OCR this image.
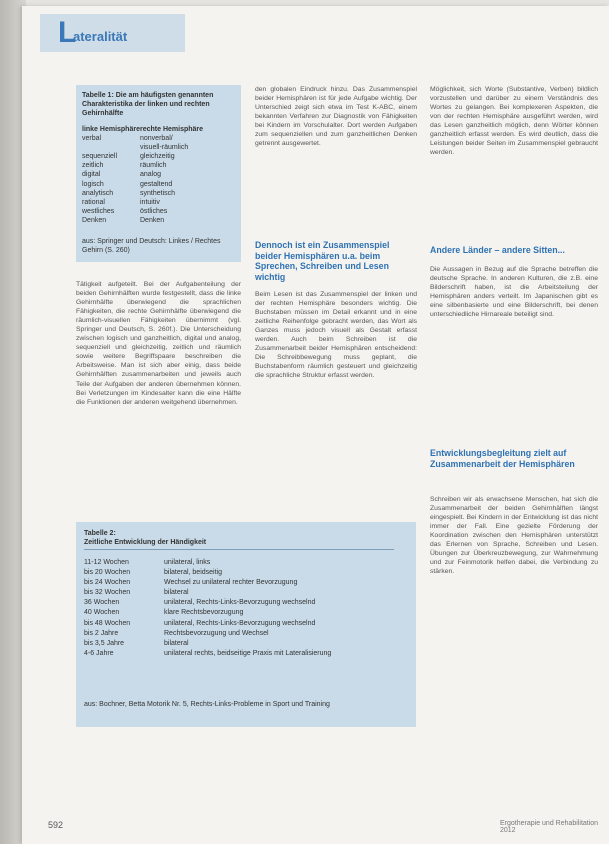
L
ateralität
Tabelle 1: Die am häufigsten genannten Charakteristika der linken und rechten Gehirnhälfte
linke Hemisphäre rechte Hemisphäre
verbal	nonverbal/

visuell-räumlich
sequenziell	gleichzeitig
zeitlich	räumlich
digital	analog
logisch	gestaltend
analytisch	synthetisch
rational	intuitiv
westliches	östliches
Denken	Denken
aus: Springer und Deutsch: Linkes / Rechtes Gehirn (S. 260)
Tätigkeit aufgeteilt. Bei der Aufgabenteilung der beiden Gehirnhälften wurde festgestellt, dass die linke Gehirnhälfte überwiegend die sprachlichen Fähigkeiten, die rechte Gehirnhälfte überwiegend die räumlich-visuellen Fähigkeiten übernimmt (vgl. Springer und Deutsch, S. 260f.). Die Unterscheidung zwischen logisch und ganzheitlich, digital und analog, sequenziell und gleichzeitig, zeitlich und räumlich sowie weitere Begriffspaare beschreiben die Arbeitsweise. Man ist sich aber einig, dass beide Gehirnhälften zusammenarbeiten und jeweils auch Teile der Aufgaben der anderen übernehmen können. Bei Verletzungen im Kindesalter kann die eine Hälfte die Funktionen der anderen weitgehend übernehmen.
den globalen Eindruck hinzu. Das Zusammenspiel beider Hemisphären ist für jede Aufgabe wichtig. Der Unterschied zeigt sich etwa im Test K-ABC, einem bekannten Verfahren zur Diagnostik von Fähigkeiten bei Kindern im Vorschulalter. Dort werden Aufgaben zum sequenziellen und zum ganzheitlichen Denken getrennt ausgewertet.
Dennoch ist ein Zusammenspiel beider Hemisphären u.a. beim Sprechen, Schreiben und Lesen wichtig
Beim Lesen ist das Zusammenspiel der linken und der rechten Hemisphäre besonders wichtig. Die Buchstaben müssen im Detail erkannt und in eine zeitliche Reihenfolge gebracht werden, das Wort als Ganzes muss jedoch visuell als Gestalt erfasst werden. Auch beim Schreiben ist die Zusammenarbeit beider Hemisphären entscheidend: Die Schreibbewegung muss geplant, die Buchstabenform räumlich gesteuert und gleichzeitig die sprachliche Struktur erfasst werden.
Möglichkeit, sich Worte (Substantive, Verben) bildlich vorzustellen und darüber zu einem Verständnis des Wortes zu gelangen. Bei komplexeren Aspekten, die von der rechten Hemisphäre ausgeführt werden, wird das Lesen ganzheitlich möglich, denn Wörter können ganzheitlich erfasst werden. Es wird deutlich, dass die Leistungen beider Seiten im Zusammenspiel gebraucht werden.
Andere Länder – andere Sitten...
Die Aussagen in Bezug auf die Sprache betreffen die deutsche Sprache. In anderen Kulturen, die z.B. eine Bilderschrift haben, ist die Arbeitsteilung der Hemisphären anders verteilt. Im Japanischen gibt es eine silbenbasierte und eine Bilderschrift, bei denen unterschiedliche Hirnareale beteiligt sind.
Entwicklungsbegleitung zielt auf Zusammenarbeit der Hemisphären
Schreiben wir als erwachsene Menschen, hat sich die Zusammenarbeit der beiden Gehirnhälften längst eingespielt. Bei Kindern in der Entwicklung ist das nicht immer der Fall. Eine gezielte Förderung der Koordination zwischen den Hemisphären unterstützt das Erlernen von Sprache, Schreiben und Lesen. Übungen zur Überkreuzbewegung, zur Wahrnehmung und zur Feinmotorik helfen dabei, die Verbindung zu stärken.
Tabelle 2:
Zeitliche Entwicklung der Händigkeit
11-12 Wochen	unilateral, links
bis 20 Wochen	bilateral, beidseitig
bis 24 Wochen	Wechsel zu unilateral rechter Bevorzugung
bis 32 Wochen	bilateral
36 Wochen	unilateral, Rechts-Links-Bevorzugung wechselnd
40 Wochen	klare Rechtsbevorzugung
bis 48 Wochen	unilateral, Rechts-Links-Bevorzugung wechselnd
bis 2 Jahre	Rechtsbevorzugung und Wechsel
bis 3,5 Jahre	bilateral
4-6 Jahre	unilateral rechts, beidseitige Praxis mit Lateralisierung
aus: Bochner, Betta Motorik Nr. 5, Rechts-Links-Probleme in Sport und Training
592	Ergotherapie und Rehabilitation 2012
